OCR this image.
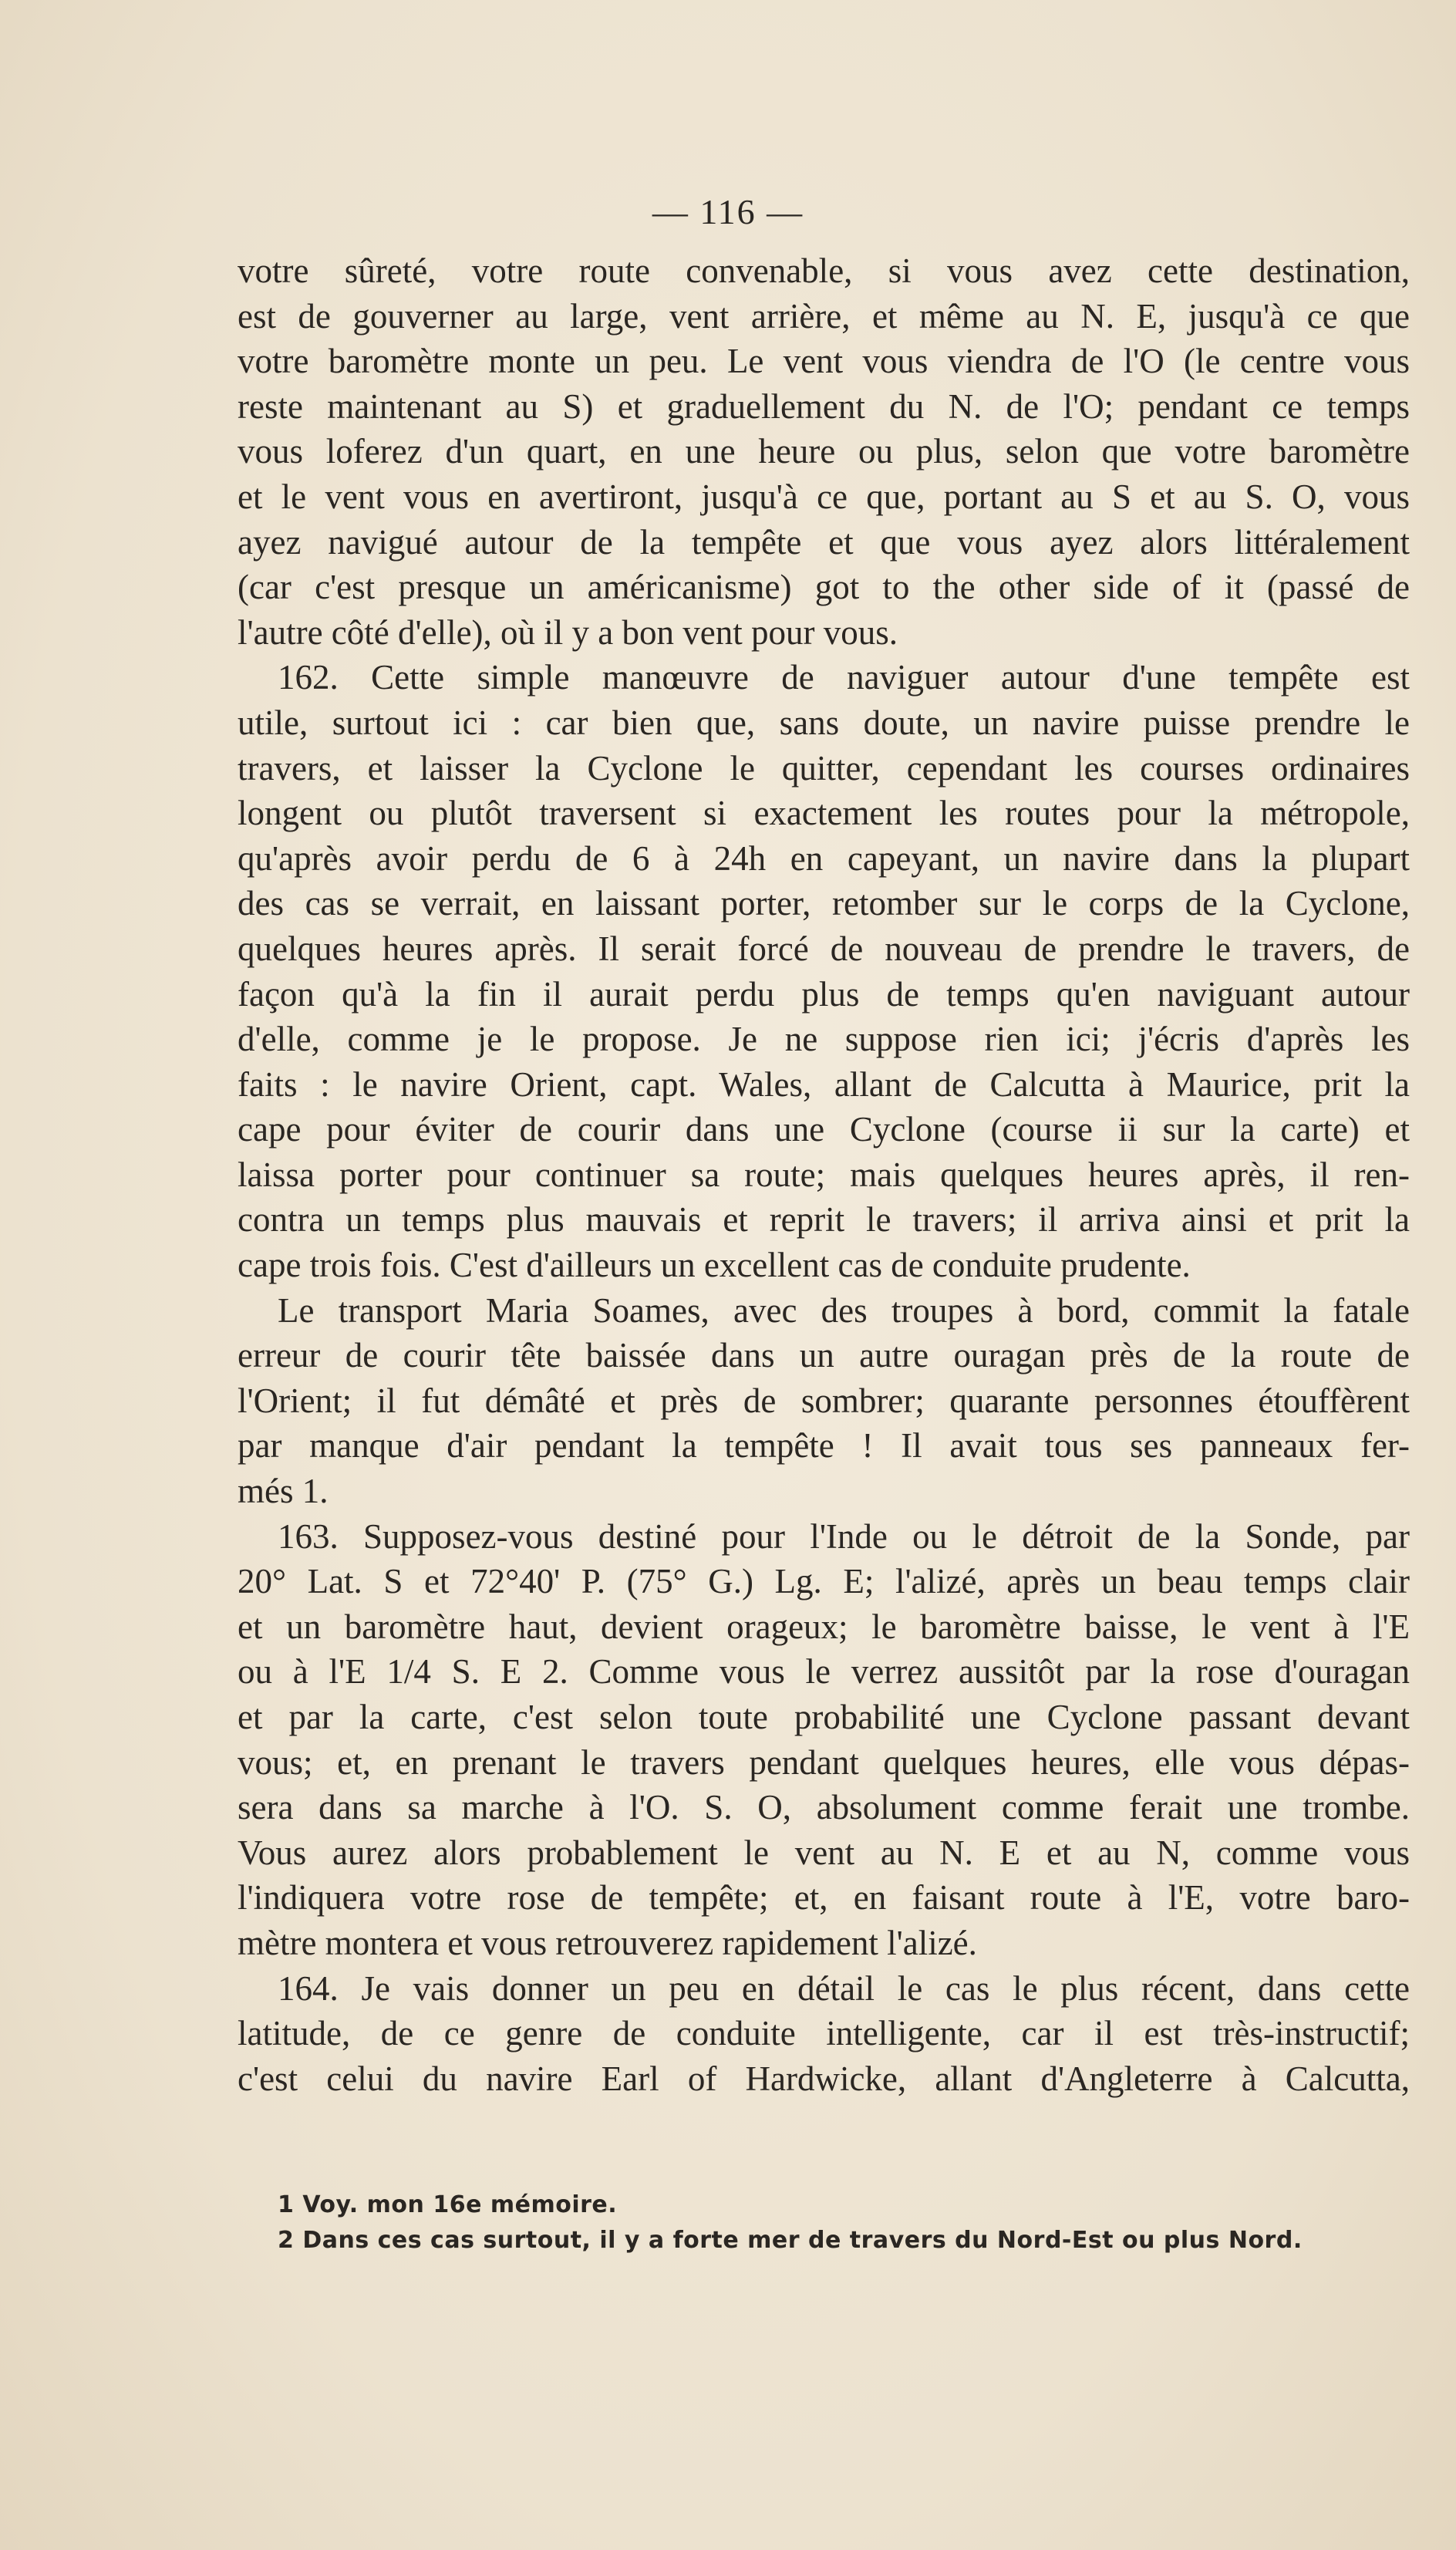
— 116 —
votre sûreté, votre route convenable, si vous avez cette destination,
est de gouverner au large, vent arrière, et même au N. E, jusqu'à ce que
votre baromètre monte un peu. Le vent vous viendra de l'O (le centre vous
reste maintenant au S) et graduellement du N. de l'O; pendant ce temps
vous loferez d'un quart, en une heure ou plus, selon que votre baromètre
et le vent vous en avertiront, jusqu'à ce que, portant au S et au S. O, vous
ayez navigué autour de la tempête et que vous ayez alors littéralement
(car c'est presque un américanisme) got to the other side of it (passé de
l'autre côté d'elle), où il y a bon vent pour vous.
162. Cette simple manœuvre de naviguer autour d'une tempête est
utile, surtout ici : car bien que, sans doute, un navire puisse prendre le
travers, et laisser la Cyclone le quitter, cependant les courses ordinaires
longent ou plutôt traversent si exactement les routes pour la métropole,
qu'après avoir perdu de 6 à 24h en capeyant, un navire dans la plupart
des cas se verrait, en laissant porter, retomber sur le corps de la Cyclone,
quelques heures après. Il serait forcé de nouveau de prendre le travers, de
façon qu'à la fin il aurait perdu plus de temps qu'en naviguant autour
d'elle, comme je le propose. Je ne suppose rien ici; j'écris d'après les
faits : le navire Orient, capt. Wales, allant de Calcutta à Maurice, prit la
cape pour éviter de courir dans une Cyclone (course ii sur la carte) et
laissa porter pour continuer sa route; mais quelques heures après, il ren-
contra un temps plus mauvais et reprit le travers; il arriva ainsi et prit la
cape trois fois. C'est d'ailleurs un excellent cas de conduite prudente.
Le transport Maria Soames, avec des troupes à bord, commit la fatale
erreur de courir tête baissée dans un autre ouragan près de la route de
l'Orient; il fut démâté et près de sombrer; quarante personnes étouffèrent
par manque d'air pendant la tempête ! Il avait tous ses panneaux fer-
més 1.
163. Supposez-vous destiné pour l'Inde ou le détroit de la Sonde, par
20° Lat. S et 72°40' P. (75° G.) Lg. E; l'alizé, après un beau temps clair
et un baromètre haut, devient orageux; le baromètre baisse, le vent à l'E
ou à l'E 1/4 S. E 2. Comme vous le verrez aussitôt par la rose d'ouragan
et par la carte, c'est selon toute probabilité une Cyclone passant devant
vous; et, en prenant le travers pendant quelques heures, elle vous dépas-
sera dans sa marche à l'O. S. O, absolument comme ferait une trombe.
Vous aurez alors probablement le vent au N. E et au N, comme vous
l'indiquera votre rose de tempête; et, en faisant route à l'E, votre baro-
mètre montera et vous retrouverez rapidement l'alizé.
164. Je vais donner un peu en détail le cas le plus récent, dans cette
latitude, de ce genre de conduite intelligente, car il est très-instructif;
c'est celui du navire Earl of Hardwicke, allant d'Angleterre à Calcutta,
1 Voy. mon 16e mémoire.
2 Dans ces cas surtout, il y a forte mer de travers du Nord-Est ou plus Nord.
